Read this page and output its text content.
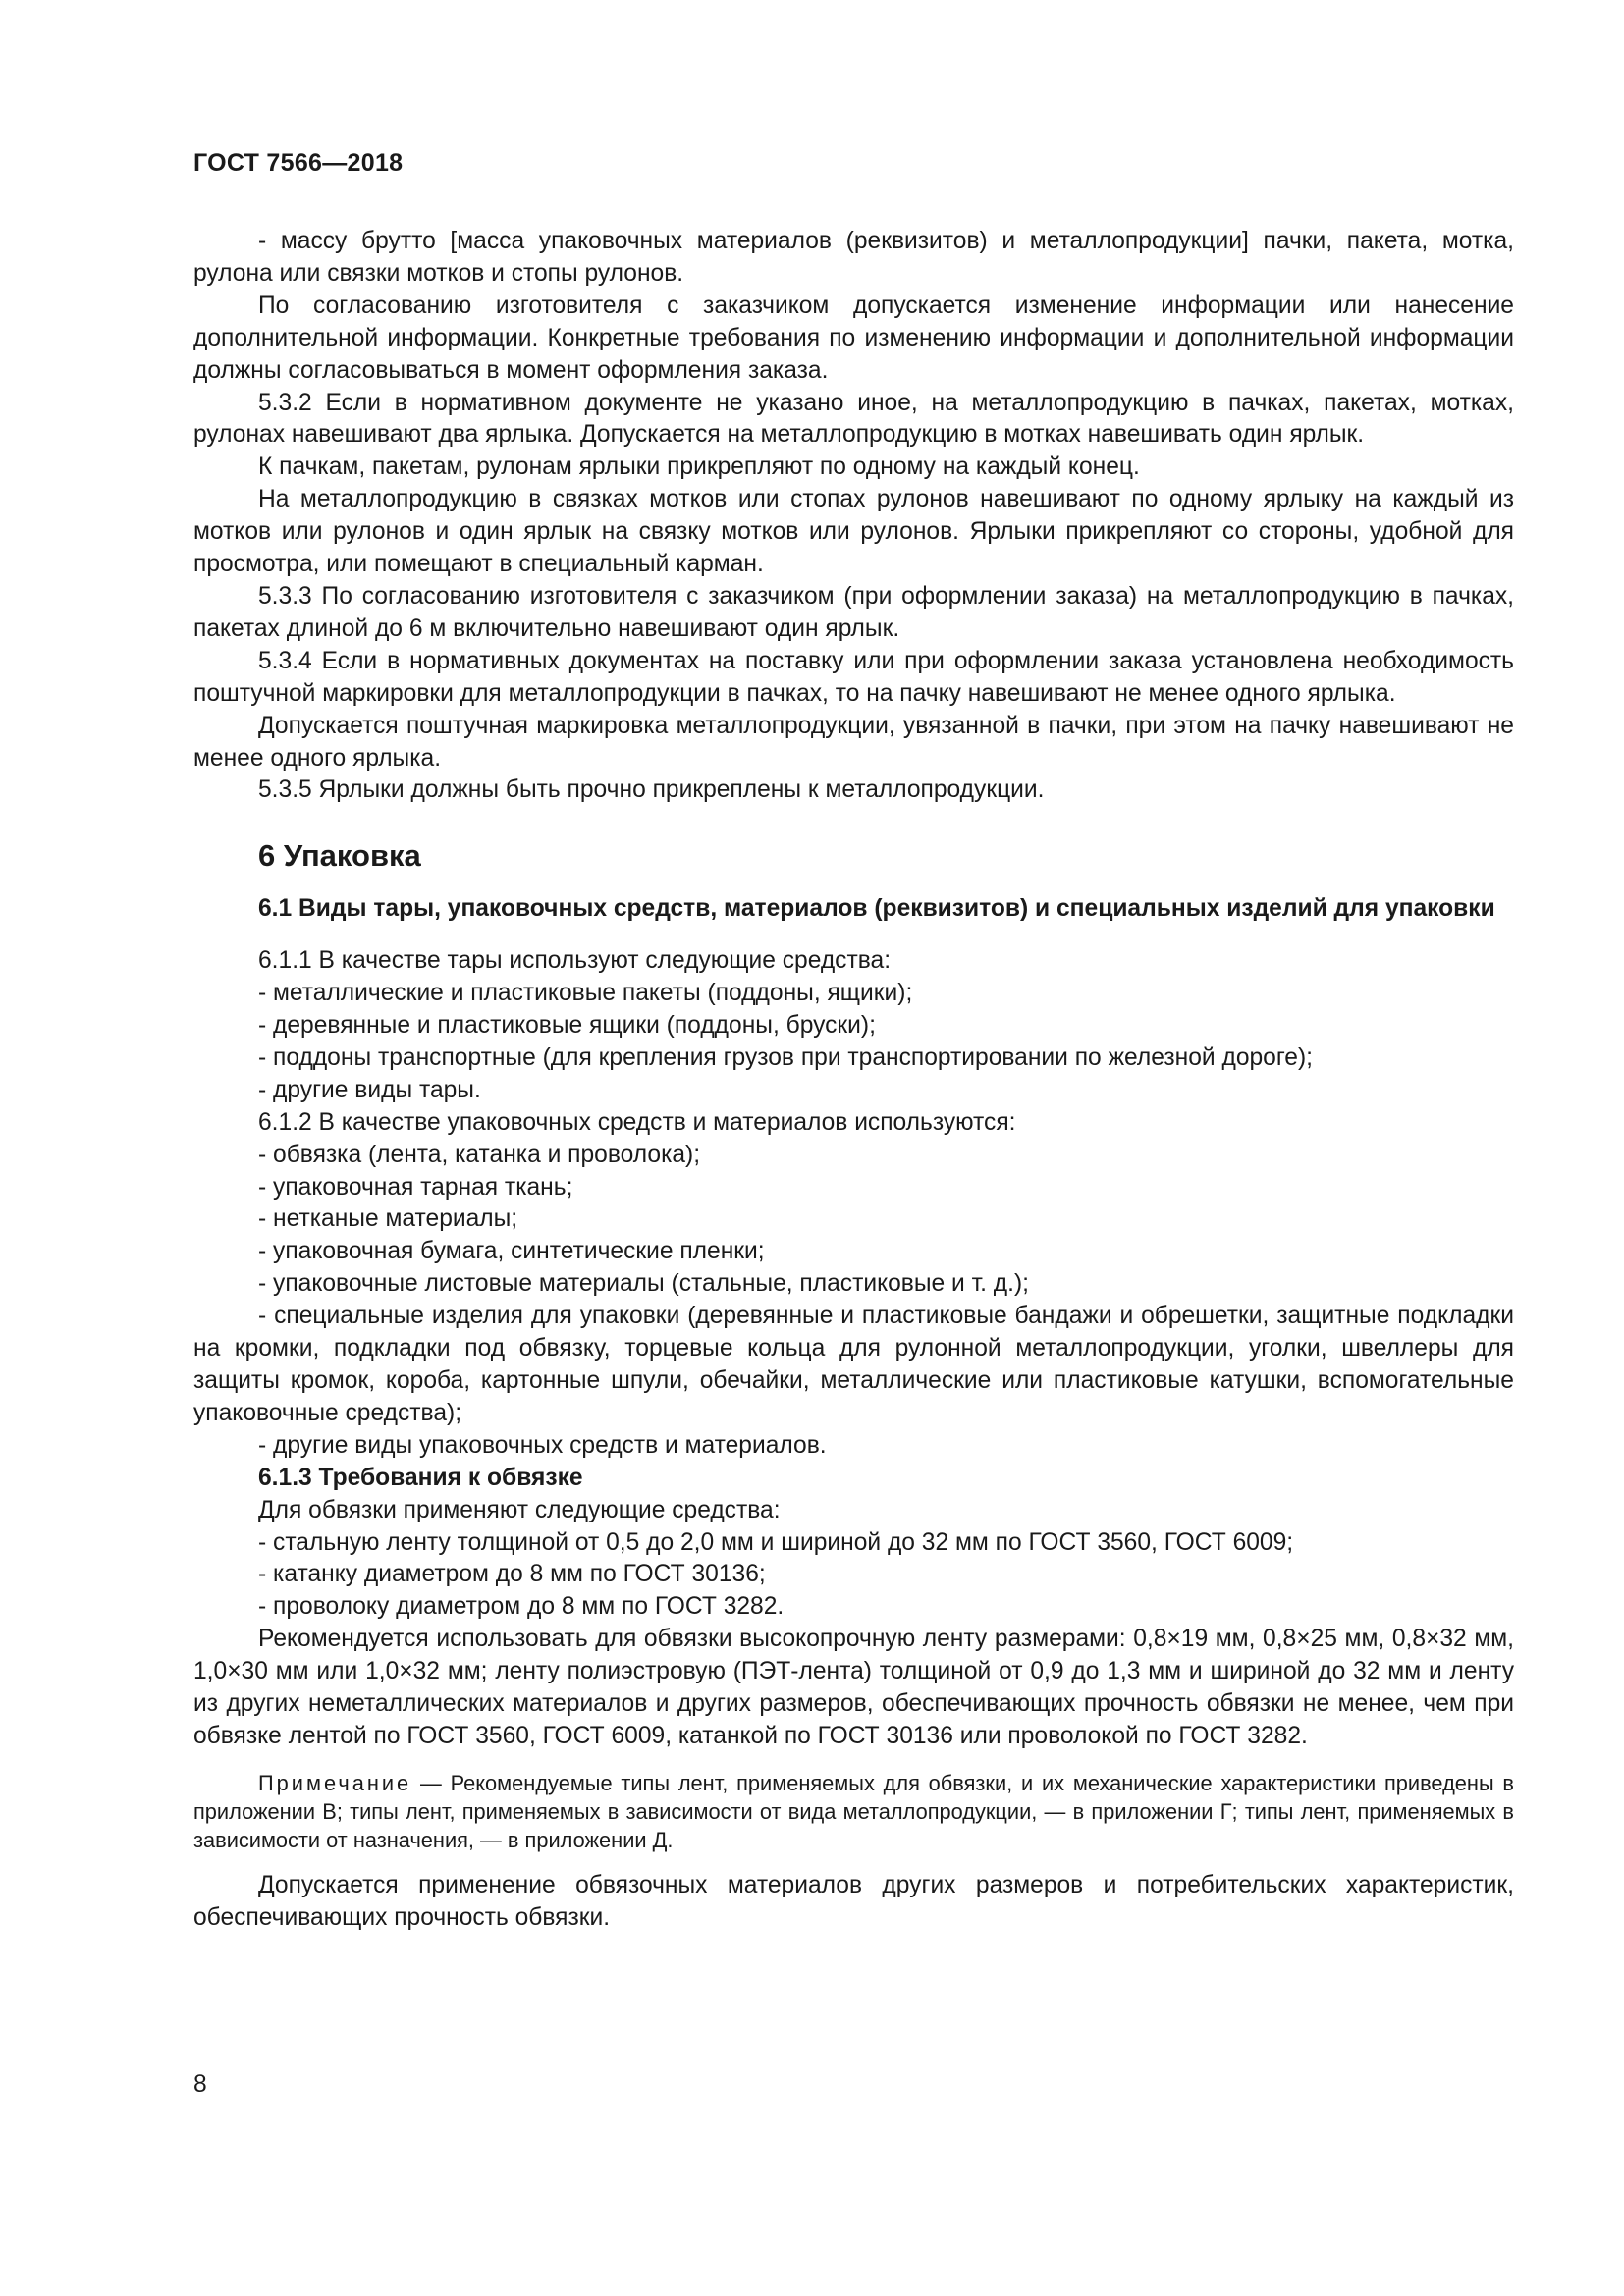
ГОСТ 7566—2018

- массу брутто [масса упаковочных материалов (реквизитов) и металлопродукции] пачки, пакета, мотка, рулона или связки мотков и стопы рулонов.

По согласованию изготовителя с заказчиком допускается изменение информации или нанесение дополнительной информации. Конкретные требования по изменению информации и дополнительной информации должны согласовываться в момент оформления заказа.

5.3.2 Если в нормативном документе не указано иное, на металлопродукцию в пачках, пакетах, мотках, рулонах навешивают два ярлыка. Допускается на металлопродукцию в мотках навешивать один ярлык.

К пачкам, пакетам, рулонам ярлыки прикрепляют по одному на каждый конец.

На металлопродукцию в связках мотков или стопах рулонов навешивают по одному ярлыку на каждый из мотков или рулонов и один ярлык на связку мотков или рулонов. Ярлыки прикрепляют со стороны, удобной для просмотра, или помещают в специальный карман.

5.3.3 По согласованию изготовителя с заказчиком (при оформлении заказа) на металлопродукцию в пачках, пакетах длиной до 6 м включительно навешивают один ярлык.

5.3.4 Если в нормативных документах на поставку или при оформлении заказа установлена необходимость поштучной маркировки для металлопродукции в пачках, то на пачку навешивают не менее одного ярлыка.

Допускается поштучная маркировка металлопродукции, увязанной в пачки, при этом на пачку навешивают не менее одного ярлыка.

5.3.5 Ярлыки должны быть прочно прикреплены к металлопродукции.

6 Упаковка
6.1 Виды тары, упаковочных средств, материалов (реквизитов) и специальных изделий для упаковки

6.1.1 В качестве тары используют следующие средства:

- металлические и пластиковые пакеты (поддоны, ящики);

- деревянные и пластиковые ящики (поддоны, бруски);

- поддоны транспортные (для крепления грузов при транспортировании по железной дороге);

- другие виды тары.

6.1.2 В качестве упаковочных средств и материалов используются:

- обвязка (лента, катанка и проволока);

- упаковочная тарная ткань;

- нетканые материалы;

- упаковочная бумага, синтетические пленки;

- упаковочные листовые материалы (стальные, пластиковые и т. д.);

- специальные изделия для упаковки (деревянные и пластиковые бандажи и обрешетки, защитные подкладки на кромки, подкладки под обвязку, торцевые кольца для рулонной металлопродукции, уголки, швеллеры для защиты кромок, короба, картонные шпули, обечайки, металлические или пластиковые катушки, вспомогательные упаковочные средства);

- другие виды упаковочных средств и материалов.

6.1.3 Требования к обвязке

Для обвязки применяют следующие средства:

- стальную ленту толщиной от 0,5 до 2,0 мм и шириной до 32 мм по ГОСТ 3560, ГОСТ 6009;

- катанку диаметром до 8 мм по ГОСТ 30136;

- проволоку диаметром до 8 мм по ГОСТ 3282.

Рекомендуется использовать для обвязки высокопрочную ленту размерами: 0,8×19 мм, 0,8×25 мм, 0,8×32 мм, 1,0×30 мм или 1,0×32 мм; ленту полиэстровую (ПЭТ-лента) толщиной от 0,9 до 1,3 мм и шириной до 32 мм и ленту из других неметаллических материалов и других размеров, обеспечивающих прочность обвязки не менее, чем при обвязке лентой по ГОСТ 3560, ГОСТ 6009, катанкой по ГОСТ 30136 или проволокой по ГОСТ 3282.

Примечание — Рекомендуемые типы лент, применяемых для обвязки, и их механические характеристики приведены в приложении В; типы лент, применяемых в зависимости от вида металлопродукции, — в приложении Г; типы лент, применяемых в зависимости от назначения, — в приложении Д.

Допускается применение обвязочных материалов других размеров и потребительских характеристик, обеспечивающих прочность обвязки.

8
